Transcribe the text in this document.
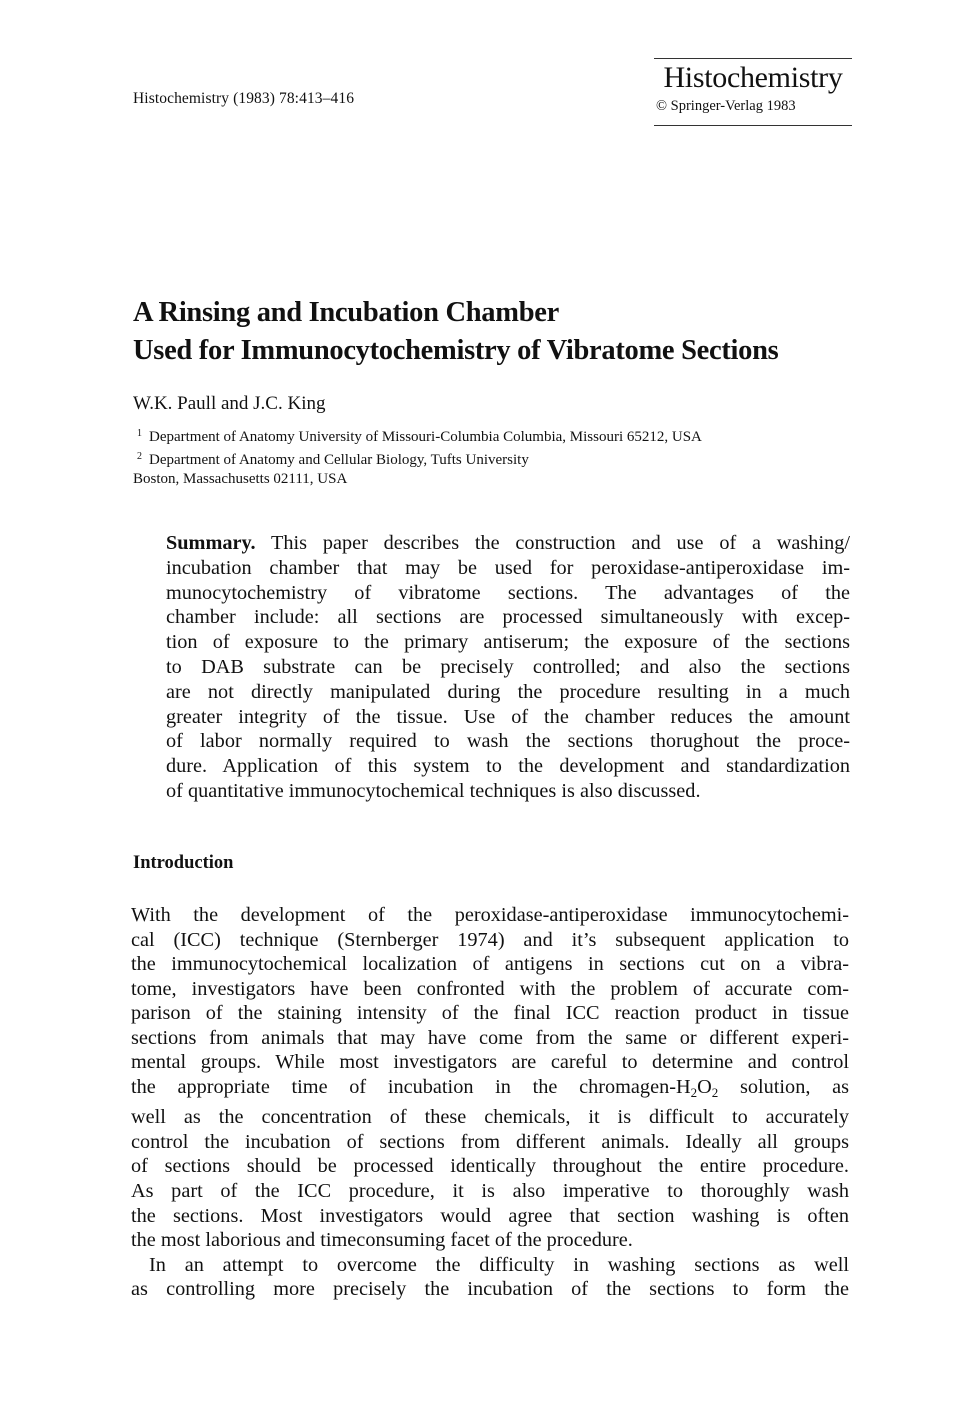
Histochemistry (1983) 78:413–416
Histochemistry
© Springer-Verlag 1983
A Rinsing and Incubation Chamber
Used for Immunocytochemistry of Vibratome Sections
W.K. Paull and J.C. King
$^1$ Department of Anatomy University of Missouri-Columbia Columbia, Missouri 65212, USA
$^2$ Department of Anatomy and Cellular Biology, Tufts University
Boston, Massachusetts 02111, USA
Summary. This paper describes the construction and use of a washing/
incubation chamber that may be used for peroxidase-antiperoxidase im-
munocytochemistry of vibratome sections. The advantages of the
chamber include: all sections are processed simultaneously with excep-
tion of exposure to the primary antiserum; the exposure of the sections
to DAB substrate can be precisely controlled; and also the sections
are not directly manipulated during the procedure resulting in a much
greater integrity of the tissue. Use of the chamber reduces the amount
of labor normally required to wash the sections thorughout the proce-
dure. Application of this system to the development and standardization
of quantitative immunocytochemical techniques is also discussed.
Introduction
With the development of the peroxidase-antiperoxidase immunocytochemi-
cal (ICC) technique (Sternberger 1974) and it’s subsequent application to
the immunocytochemical localization of antigens in sections cut on a vibra-
tome, investigators have been confronted with the problem of accurate com-
parison of the staining intensity of the final ICC reaction product in tissue
sections from animals that may have come from the same or different experi-
mental groups. While most investigators are careful to determine and control
the appropriate time of incubation in the chromagen-$H_2O_2$ solution, as
well as the concentration of these chemicals, it is difficult to accurately
control the incubation of sections from different animals. Ideally all groups
of sections should be processed identically throughout the entire procedure.
As part of the ICC procedure, it is also imperative to thoroughly wash
the sections. Most investigators would agree that section washing is often
the most laborious and timeconsuming facet of the procedure.
In an attempt to overcome the difficulty in washing sections as well
as controlling more precisely the incubation of the sections to form the
